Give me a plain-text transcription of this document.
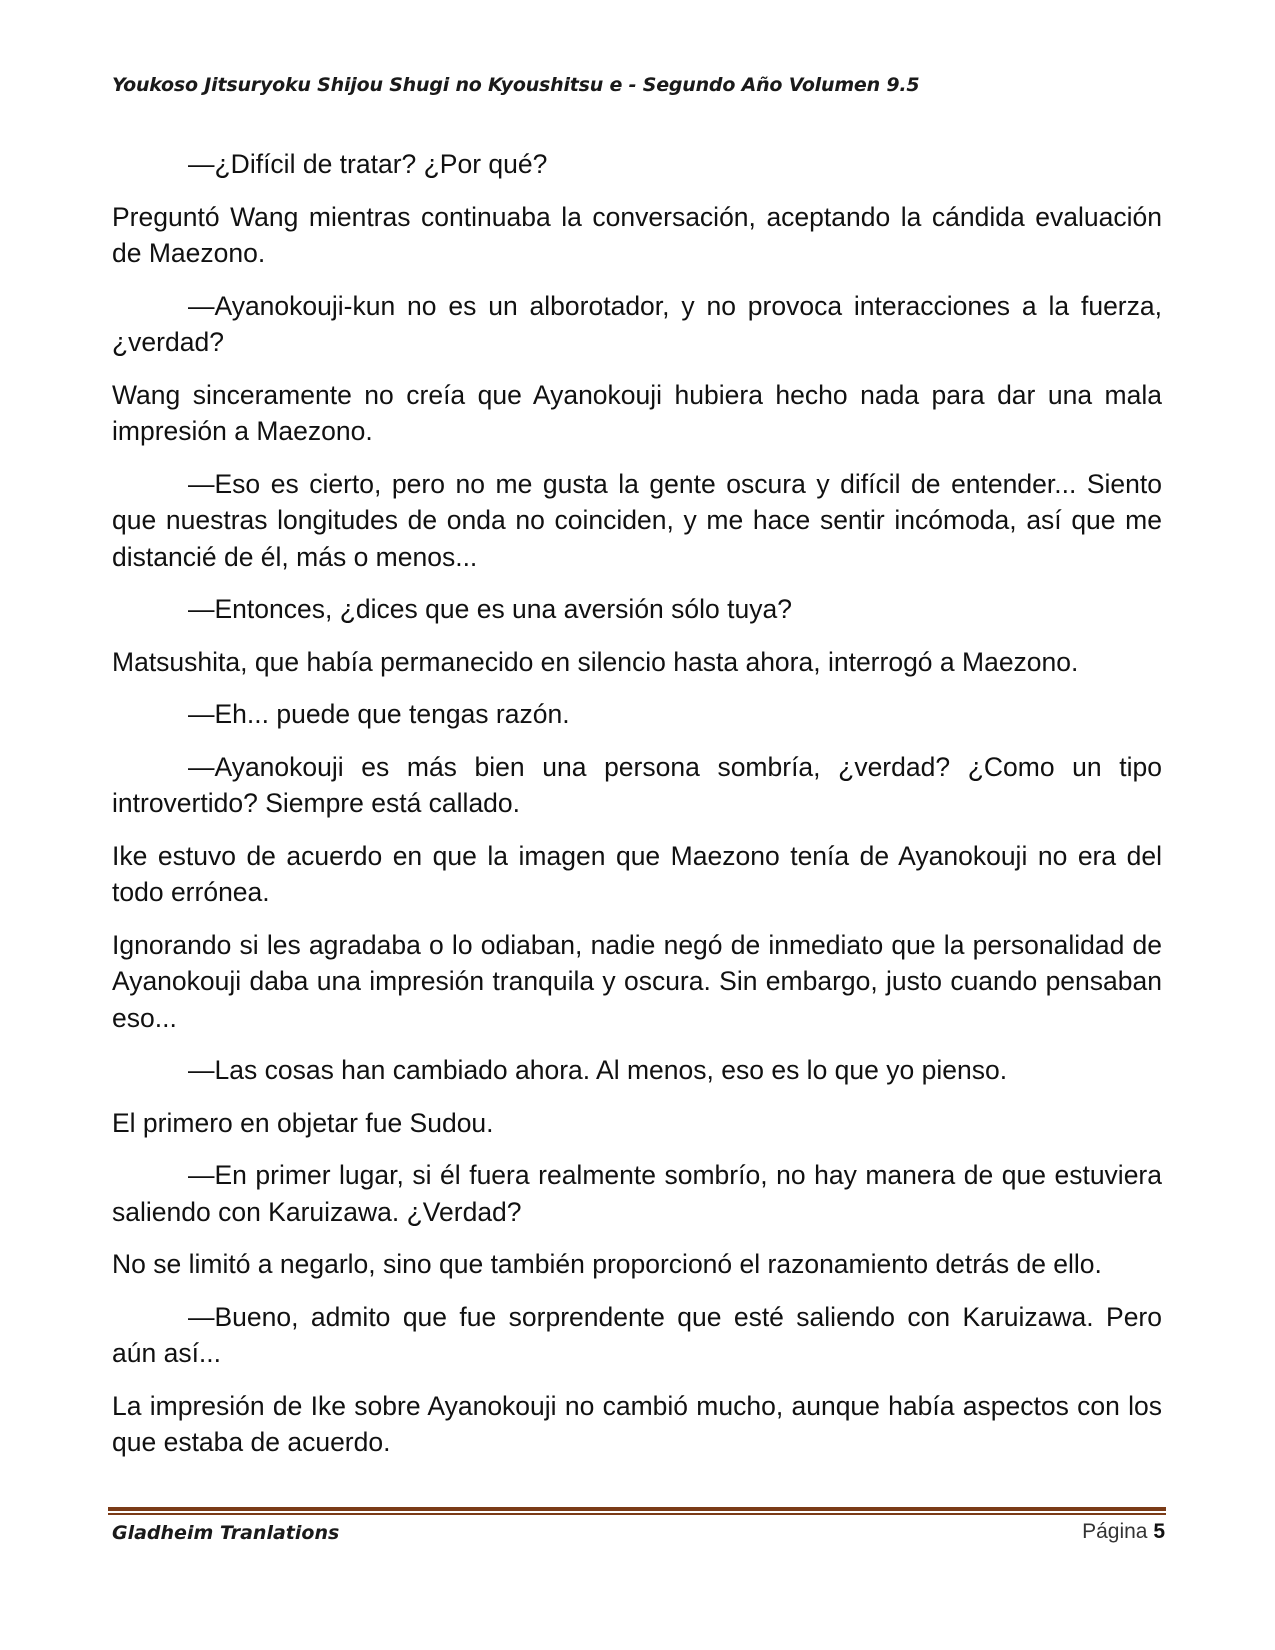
Youkoso Jitsuryoku Shijou Shugi no Kyoushitsu e - Segundo Año Volumen 9.5

—¿Difícil de tratar? ¿Por qué?

Preguntó Wang mientras continuaba la conversación, aceptando la cándida evaluación de Maezono.

—Ayanokouji-kun no es un alborotador, y no provoca interacciones a la fuerza, ¿verdad?

Wang sinceramente no creía que Ayanokouji hubiera hecho nada para dar una mala impresión a Maezono.

—Eso es cierto, pero no me gusta la gente oscura y difícil de entender... Siento que nuestras longitudes de onda no coinciden, y me hace sentir incómoda, así que me distancié de él, más o menos...

—Entonces, ¿dices que es una aversión sólo tuya?

Matsushita, que había permanecido en silencio hasta ahora, interrogó a Maezono.

—Eh... puede que tengas razón.

—Ayanokouji es más bien una persona sombría, ¿verdad? ¿Como un tipo introvertido? Siempre está callado.

Ike estuvo de acuerdo en que la imagen que Maezono tenía de Ayanokouji no era del todo errónea.

Ignorando si les agradaba o lo odiaban, nadie negó de inmediato que la personalidad de Ayanokouji daba una impresión tranquila y oscura. Sin embargo, justo cuando pensaban eso...

—Las cosas han cambiado ahora. Al menos, eso es lo que yo pienso.

El primero en objetar fue Sudou.

—En primer lugar, si él fuera realmente sombrío, no hay manera de que estuviera saliendo con Karuizawa. ¿Verdad?

No se limitó a negarlo, sino que también proporcionó el razonamiento detrás de ello.

—Bueno, admito que fue sorprendente que esté saliendo con Karuizawa. Pero aún así...

La impresión de Ike sobre Ayanokouji no cambió mucho, aunque había aspectos con los que estaba de acuerdo.

Gladheim Tranlations	Página 5
